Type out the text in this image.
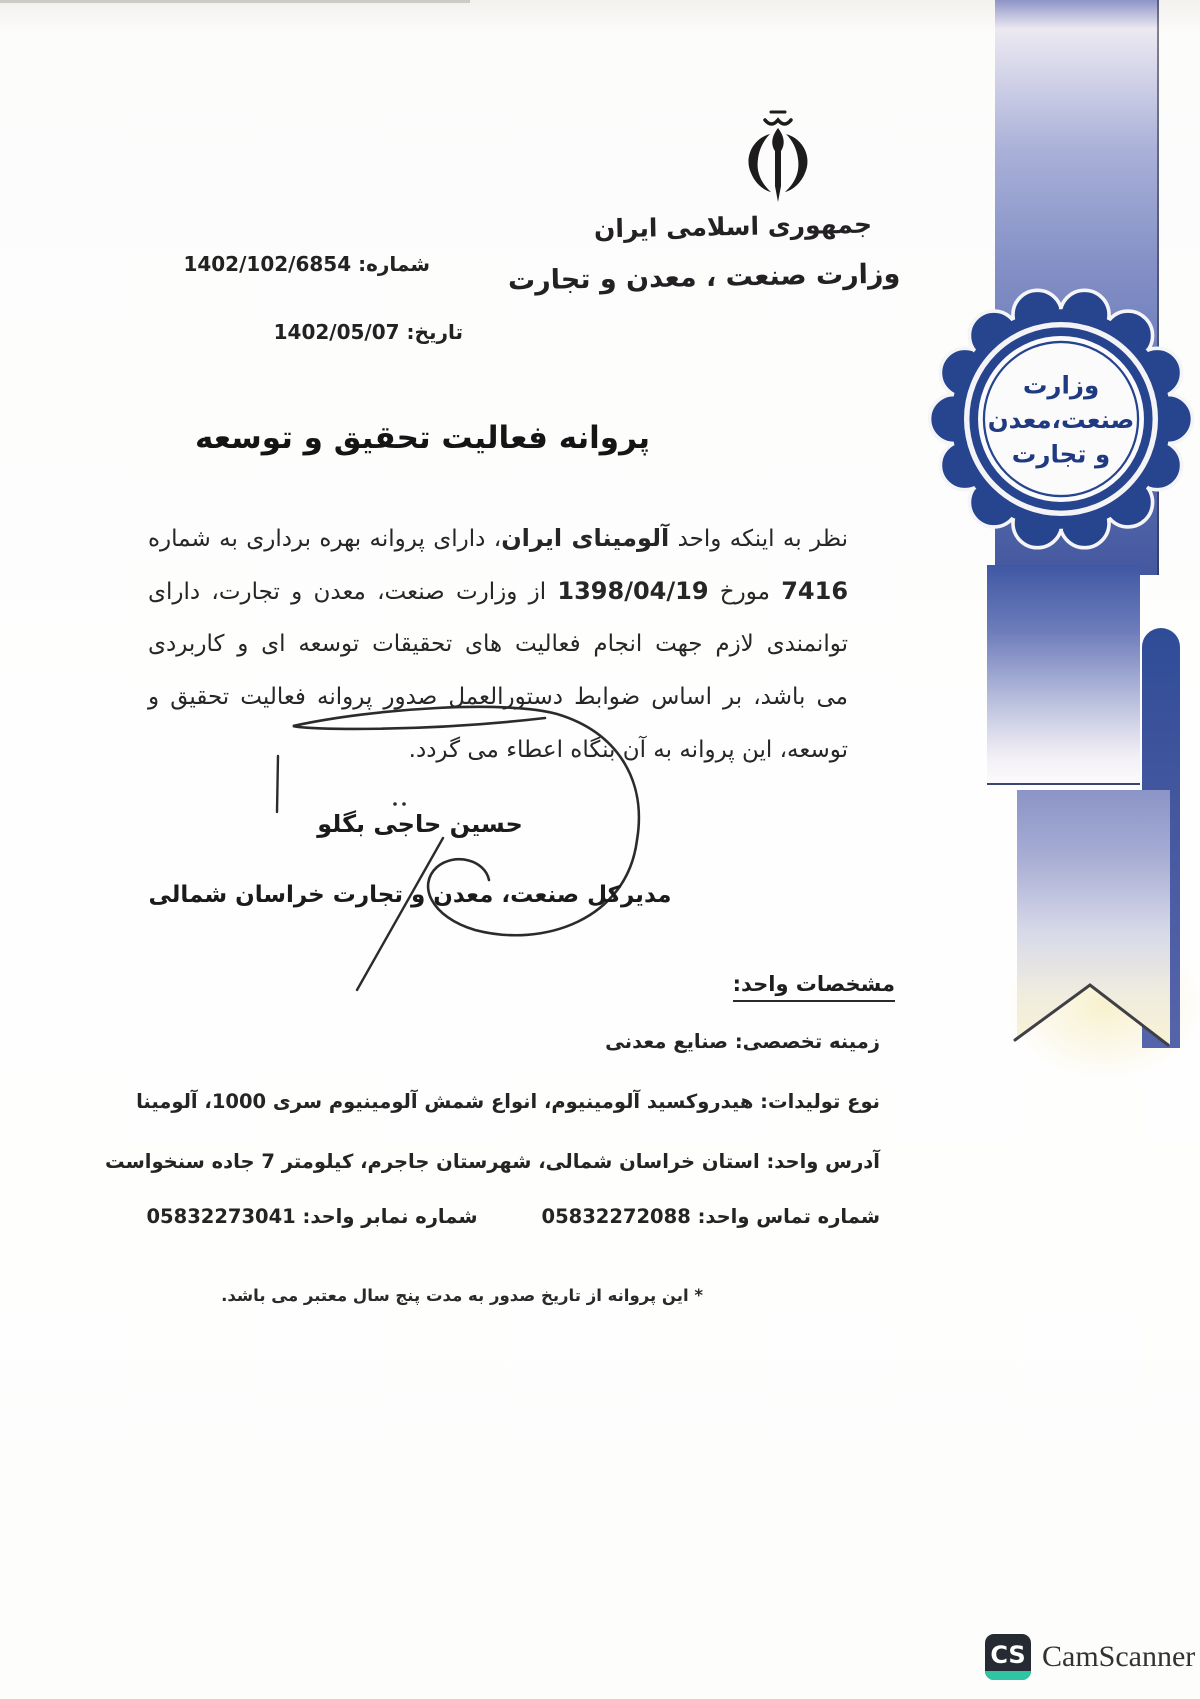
وزارت
صنعت،معدن
و تجارت
جمهوری اسلامی ایران
وزارت صنعت ، معدن و تجارت
شماره: 1402/102/6854
تاریخ: 1402/05/07
پروانه فعالیت تحقیق و توسعه
نظر به اینکه واحد آلومینای ایران، دارای پروانه بهره برداری به شماره
7416 مورخ 1398/04/19 از وزارت صنعت، معدن و تجارت، دارای
توانمندی لازم جهت انجام فعالیت های تحقیقات توسعه ای و کاربردی
می باشد، بر اساس ضوابط دستورالعمل صدور پروانه فعالیت تحقیق و
توسعه، این پروانه به آن بنگاه اعطاء می گردد.
حسین حاجی بگلو
مدیرکل صنعت، معدن و تجارت خراسان شمالی
مشخصات واحد:
زمینه تخصصی: صنایع معدنی
نوع تولیدات: هیدروکسید آلومینیوم، انواع شمش آلومینیوم سری 1000، آلومینا
آدرس واحد: استان خراسان شمالی، شهرستان جاجرم، کیلومتر 7 جاده سنخواست
شماره تماس واحد: 05832272088
شماره نمابر واحد: 05832273041
* این پروانه از تاریخ صدور به مدت پنج سال معتبر می باشد.
CS CamScanner
